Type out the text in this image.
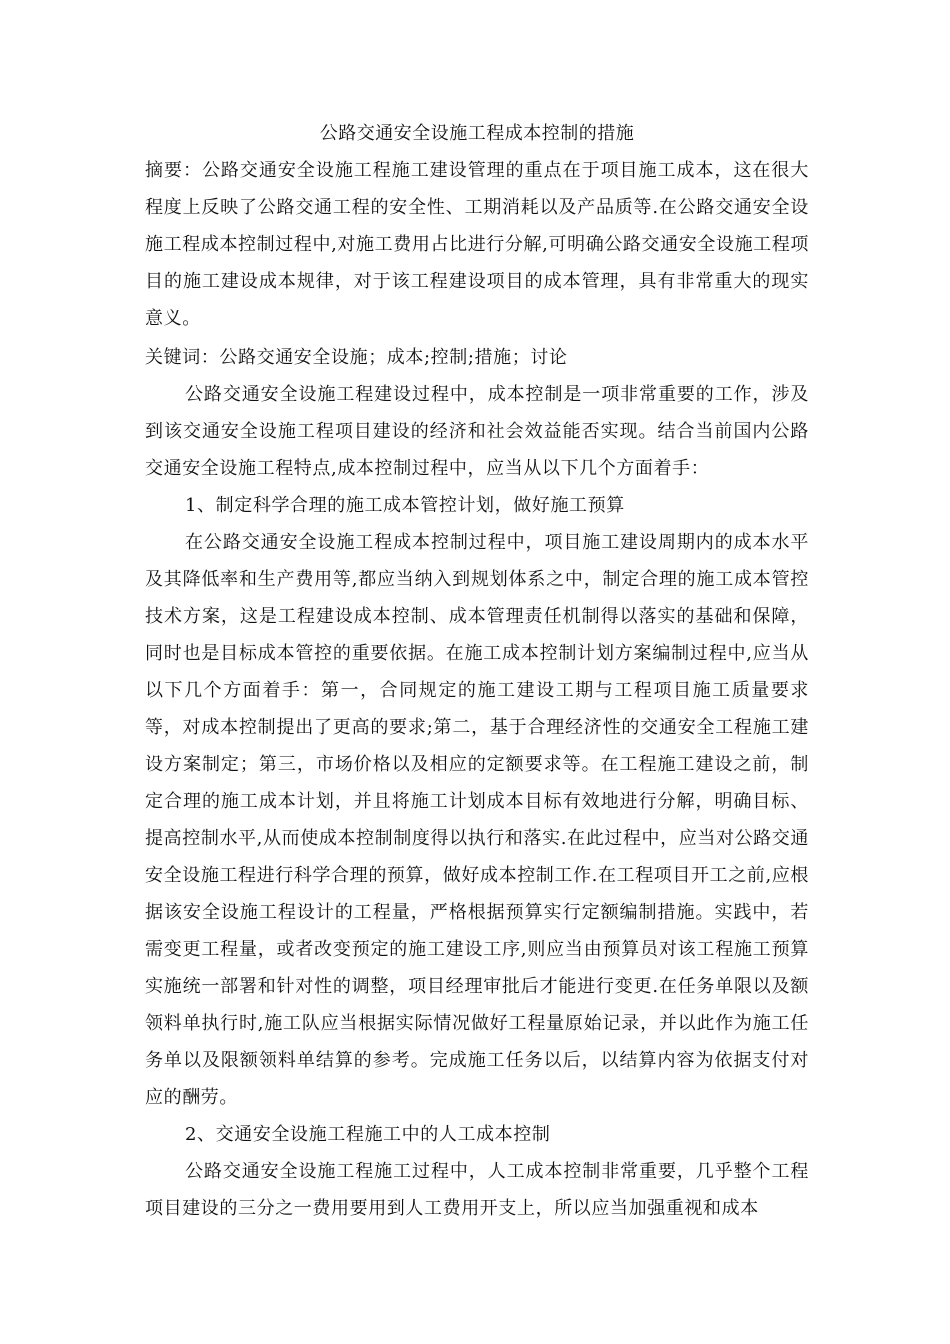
公路交通安全设施工程成本控制的措施

摘要：公路交通安全设施工程施工建设管理的重点在于项目施工成本，这在很大程度上反映了公路交通工程的安全性、工期消耗以及产品质等.在公路交通安全设施工程成本控制过程中,对施工费用占比进行分解,可明确公路交通安全设施工程项目的施工建设成本规律，对于该工程建设项目的成本管理，具有非常重大的现实意义。

关键词：公路交通安全设施；成本;控制;措施；讨论

公路交通安全设施工程建设过程中，成本控制是一项非常重要的工作，涉及到该交通安全设施工程项目建设的经济和社会效益能否实现。结合当前国内公路交通安全设施工程特点,成本控制过程中，应当从以下几个方面着手：

1、制定科学合理的施工成本管控计划，做好施工预算

在公路交通安全设施工程成本控制过程中，项目施工建设周期内的成本水平及其降低率和生产费用等,都应当纳入到规划体系之中，制定合理的施工成本管控技术方案，这是工程建设成本控制、成本管理责任机制得以落实的基础和保障，同时也是目标成本管控的重要依据。在施工成本控制计划方案编制过程中,应当从以下几个方面着手：第一，合同规定的施工建设工期与工程项目施工质量要求等，对成本控制提出了更高的要求;第二，基于合理经济性的交通安全工程施工建设方案制定；第三，市场价格以及相应的定额要求等。在工程施工建设之前，制定合理的施工成本计划，并且将施工计划成本目标有效地进行分解，明确目标、提高控制水平,从而使成本控制制度得以执行和落实.在此过程中，应当对公路交通安全设施工程进行科学合理的预算，做好成本控制工作.在工程项目开工之前,应根据该安全设施工程设计的工程量，严格根据预算实行定额编制措施。实践中，若需变更工程量，或者改变预定的施工建设工序,则应当由预算员对该工程施工预算实施统一部署和针对性的调整，项目经理审批后才能进行变更.在任务单限以及额领料单执行时,施工队应当根据实际情况做好工程量原始记录，并以此作为施工任务单以及限额领料单结算的参考。完成施工任务以后，以结算内容为依据支付对应的酬劳。

2、交通安全设施工程施工中的人工成本控制

公路交通安全设施工程施工过程中，人工成本控制非常重要，几乎整个工程项目建设的三分之一费用要用到人工费用开支上，所以应当加强重视和成本
